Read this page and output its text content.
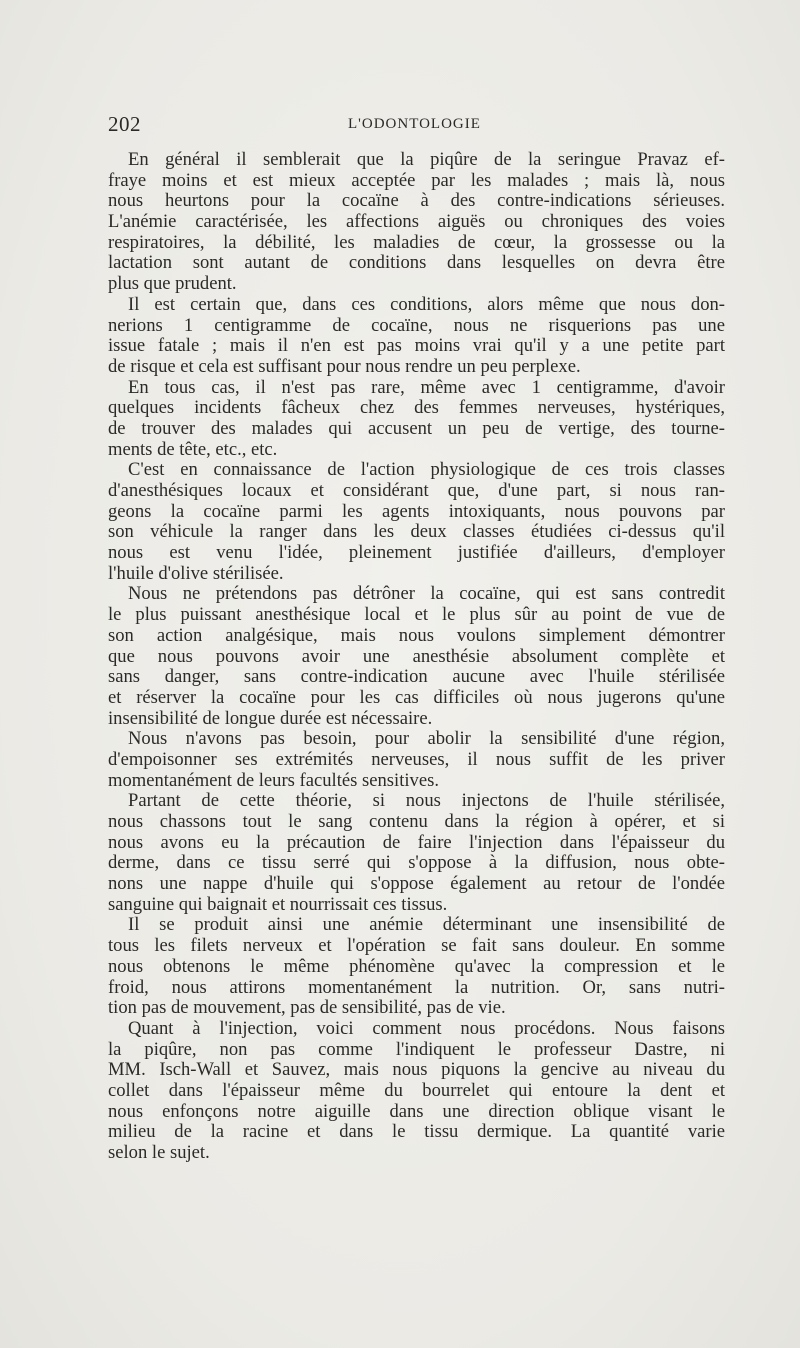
202	L'ODONTOLOGIE
En général il semblerait que la piqûre de la seringue Pravaz ef-
fraye moins et est mieux acceptée par les malades ; mais là, nous
nous heurtons pour la cocaïne à des contre-indications sérieuses.
L'anémie caractérisée, les affections aiguës ou chroniques des voies
respiratoires, la débilité, les maladies de cœur, la grossesse ou la
lactation sont autant de conditions dans lesquelles on devra être
plus que prudent.
Il est certain que, dans ces conditions, alors même que nous don-
nerions 1 centigramme de cocaïne, nous ne risquerions pas une
issue fatale ; mais il n'en est pas moins vrai qu'il y a une petite part
de risque et cela est suffisant pour nous rendre un peu perplexe.
En tous cas, il n'est pas rare, même avec 1 centigramme, d'avoir
quelques incidents fâcheux chez des femmes nerveuses, hystériques,
de trouver des malades qui accusent un peu de vertige, des tourne-
ments de tête, etc., etc.
C'est en connaissance de l'action physiologique de ces trois classes
d'anesthésiques locaux et considérant que, d'une part, si nous ran-
geons la cocaïne parmi les agents intoxiquants, nous pouvons par
son véhicule la ranger dans les deux classes étudiées ci-dessus qu'il
nous est venu l'idée, pleinement justifiée d'ailleurs, d'employer
l'huile d'olive stérilisée.
Nous ne prétendons pas détrôner la cocaïne, qui est sans contredit
le plus puissant anesthésique local et le plus sûr au point de vue de
son action analgésique, mais nous voulons simplement démontrer
que nous pouvons avoir une anesthésie absolument complète et
sans danger, sans contre-indication aucune avec l'huile stérilisée
et réserver la cocaïne pour les cas difficiles où nous jugerons qu'une
insensibilité de longue durée est nécessaire.
Nous n'avons pas besoin, pour abolir la sensibilité d'une région,
d'empoisonner ses extrémités nerveuses, il nous suffit de les priver
momentanément de leurs facultés sensitives.
Partant de cette théorie, si nous injectons de l'huile stérilisée,
nous chassons tout le sang contenu dans la région à opérer, et si
nous avons eu la précaution de faire l'injection dans l'épaisseur du
derme, dans ce tissu serré qui s'oppose à la diffusion, nous obte-
nons une nappe d'huile qui s'oppose également au retour de l'ondée
sanguine qui baignait et nourrissait ces tissus.
Il se produit ainsi une anémie déterminant une insensibilité de
tous les filets nerveux et l'opération se fait sans douleur. En somme
nous obtenons le même phénomène qu'avec la compression et le
froid, nous attirons momentanément la nutrition. Or, sans nutri-
tion pas de mouvement, pas de sensibilité, pas de vie.
Quant à l'injection, voici comment nous procédons. Nous faisons
la piqûre, non pas comme l'indiquent le professeur Dastre, ni
MM. Isch-Wall et Sauvez, mais nous piquons la gencive au niveau du
collet dans l'épaisseur même du bourrelet qui entoure la dent et
nous enfonçons notre aiguille dans une direction oblique visant le
milieu de la racine et dans le tissu dermique. La quantité varie
selon le sujet.
